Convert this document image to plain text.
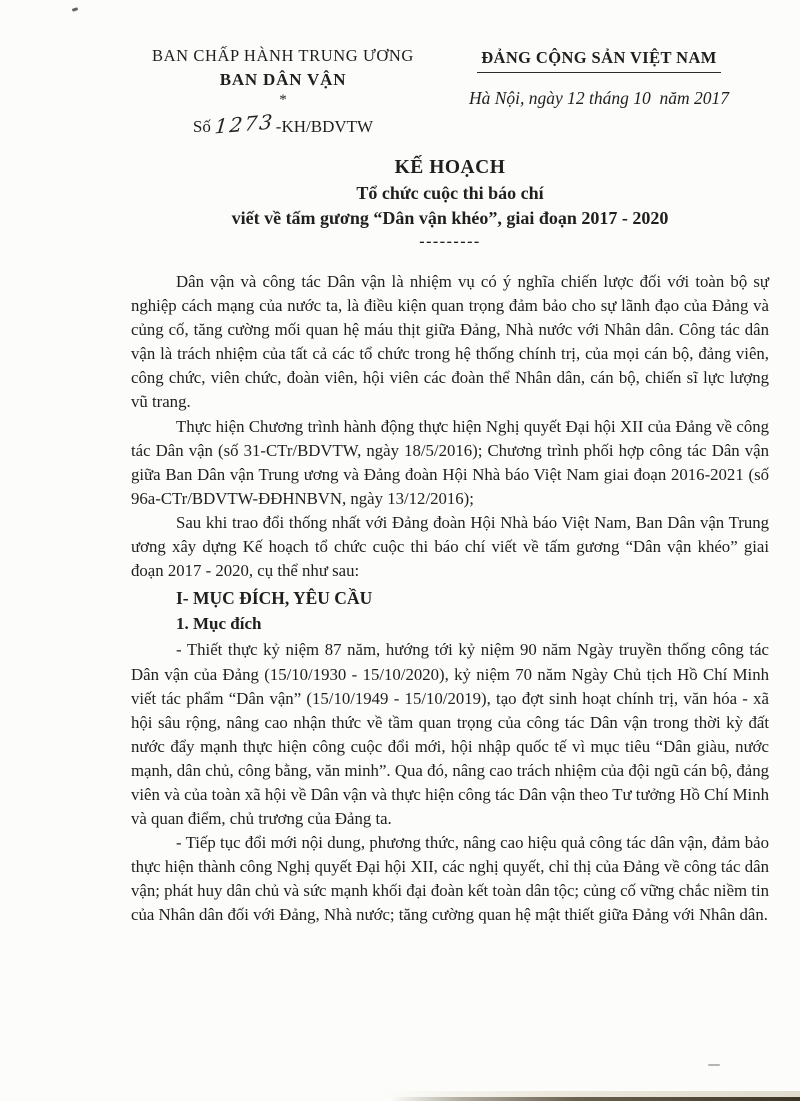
BAN CHẤP HÀNH TRUNG ƯƠNG
BAN DÂN VẬN
*
Số 1273-KH/BDVTW
ĐẢNG CỘNG SẢN VIỆT NAM
Hà Nội, ngày 12 tháng 10  năm 2017
KẾ HOẠCH
Tổ chức cuộc thi báo chí
viết về tấm gương “Dân vận khéo”, giai đoạn 2017 - 2020
---------

Dân vận và công tác Dân vận là nhiệm vụ có ý nghĩa chiến lược đối với toàn bộ sự nghiệp cách mạng của nước ta, là điều kiện quan trọng đảm bảo cho sự lãnh đạo của Đảng và củng cố, tăng cường mối quan hệ máu thịt giữa Đảng, Nhà nước với Nhân dân. Công tác dân vận là trách nhiệm của tất cả các tổ chức trong hệ thống chính trị, của mọi cán bộ, đảng viên, công chức, viên chức, đoàn viên, hội viên các đoàn thể Nhân dân, cán bộ, chiến sĩ lực lượng vũ trang.

Thực hiện Chương trình hành động thực hiện Nghị quyết Đại hội XII của Đảng về công tác Dân vận (số 31-CTr/BDVTW, ngày 18/5/2016); Chương trình phối hợp công tác Dân vận giữa Ban Dân vận Trung ương và Đảng đoàn Hội Nhà báo Việt Nam giai đoạn 2016-2021 (số 96a-CTr/BDVTW-ĐĐHNBVN, ngày 13/12/2016);

Sau khi trao đổi thống nhất với Đảng đoàn Hội Nhà báo Việt Nam, Ban Dân vận Trung ương xây dựng Kế hoạch tổ chức cuộc thi báo chí viết về tấm gương “Dân vận khéo” giai đoạn 2017 - 2020, cụ thể như sau:

I- MỤC ĐÍCH, YÊU CẦU
1. Mục đích

- Thiết thực kỷ niệm 87 năm, hướng tới kỷ niệm 90 năm Ngày truyền thống công tác Dân vận của Đảng (15/10/1930 - 15/10/2020), kỷ niệm 70 năm Ngày Chủ tịch Hồ Chí Minh viết tác phẩm “Dân vận” (15/10/1949 - 15/10/2019), tạo đợt sinh hoạt chính trị, văn hóa - xã hội sâu rộng, nâng cao nhận thức về tầm quan trọng của công tác Dân vận trong thời kỳ đất nước đẩy mạnh thực hiện công cuộc đổi mới, hội nhập quốc tế vì mục tiêu “Dân giàu, nước mạnh, dân chủ, công bằng, văn minh”. Qua đó, nâng cao trách nhiệm của đội ngũ cán bộ, đảng viên và của toàn xã hội về Dân vận và thực hiện công tác Dân vận theo Tư tưởng Hồ Chí Minh và quan điểm, chủ trương của Đảng ta.

- Tiếp tục đổi mới nội dung, phương thức, nâng cao hiệu quả công tác dân vận, đảm bảo thực hiện thành công Nghị quyết Đại hội XII, các nghị quyết, chỉ thị của Đảng về công tác dân vận; phát huy dân chủ và sức mạnh khối đại đoàn kết toàn dân tộc; củng cố vững chắc niềm tin của Nhân dân đối với Đảng, Nhà nước; tăng cường quan hệ mật thiết giữa Đảng với Nhân dân.
